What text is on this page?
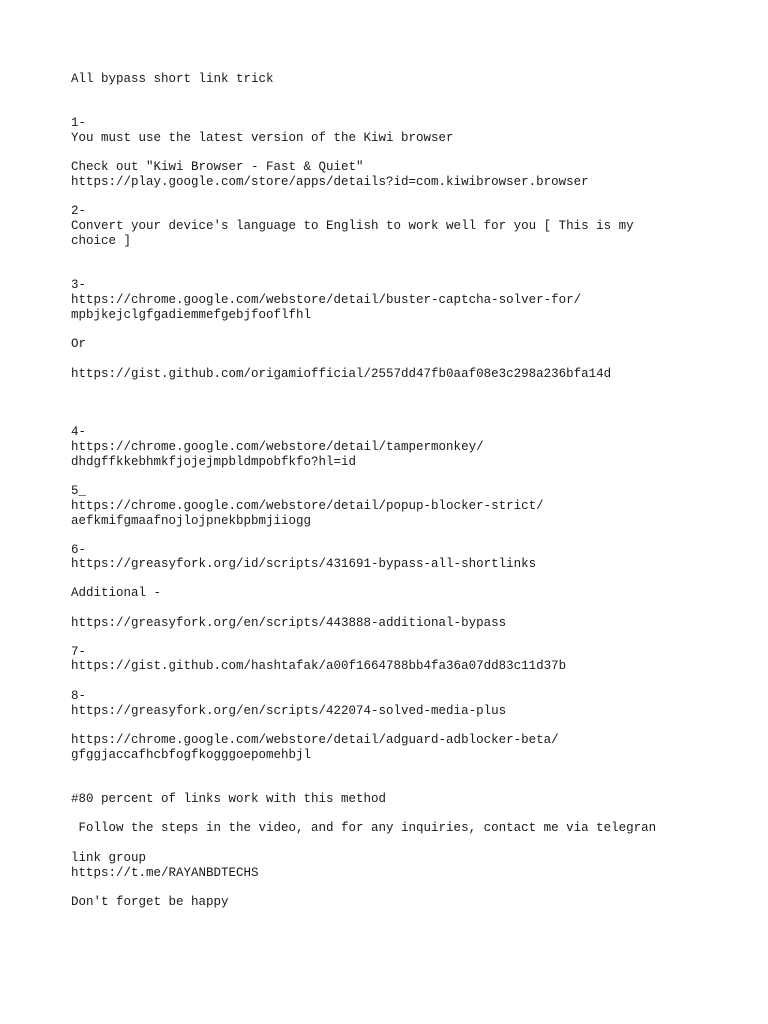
All bypass short link trick
1-
You must use the latest version of the Kiwi browser
Check out "Kiwi Browser - Fast & Quiet"
https://play.google.com/store/apps/details?id=com.kiwibrowser.browser
2-
Convert your device's language to English to work well for you [ This is my
choice ]
3-
https://chrome.google.com/webstore/detail/buster-captcha-solver-for/
mpbjkejclgfgadiemmefgebjfooflfhl
Or
https://gist.github.com/origamiofficial/2557dd47fb0aaf08e3c298a236bfa14d
4-
https://chrome.google.com/webstore/detail/tampermonkey/
dhdgffkkebhmkfjojejmpbldmpobfkfo?hl=id
5_
https://chrome.google.com/webstore/detail/popup-blocker-strict/
aefkmifgmaafnojlojpnekbpbmjiiogg
6-
https://greasyfork.org/id/scripts/431691-bypass-all-shortlinks
Additional -
https://greasyfork.org/en/scripts/443888-additional-bypass
7-
https://gist.github.com/hashtafak/a00f1664788bb4fa36a07dd83c11d37b
8-
https://greasyfork.org/en/scripts/422074-solved-media-plus
https://chrome.google.com/webstore/detail/adguard-adblocker-beta/
gfggjaccafhcbfogfkogggoepomehbjl
#80 percent of links work with this method
Follow the steps in the video, and for any inquiries, contact me via telegran
link group
https://t.me/RAYANBDTECHS
Don't forget be happy
